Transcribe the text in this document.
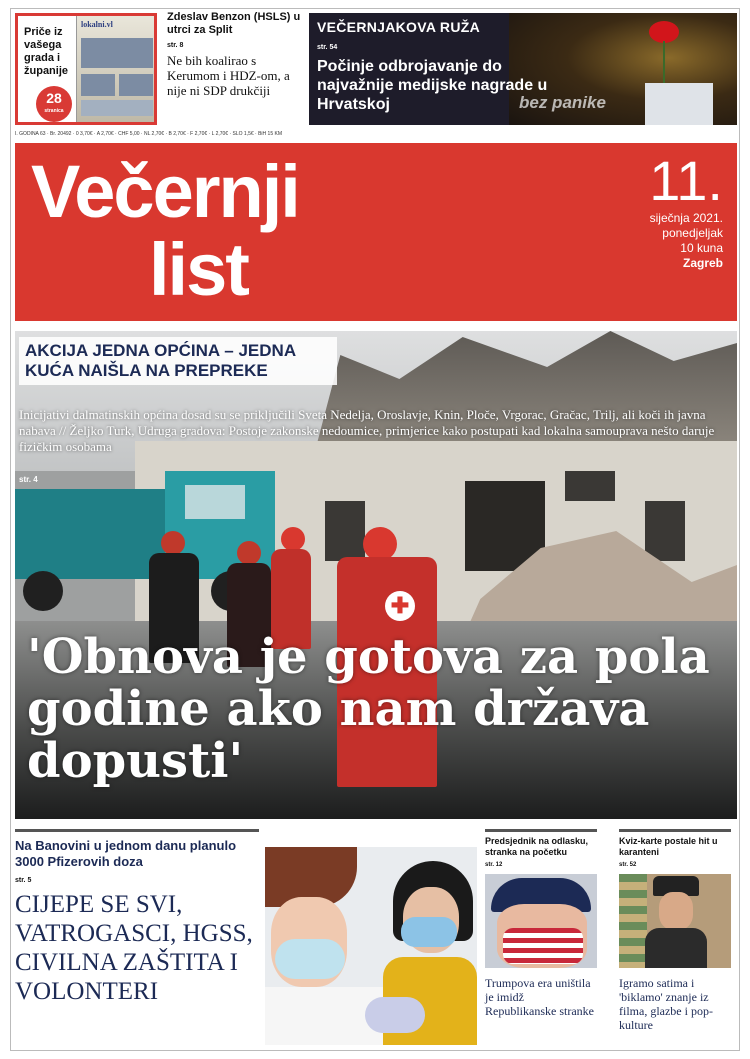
Priče iz vašega grada i županije
28
stranica
lokalni.vl
Zdeslav Benzon (HSLS) u utrci za Split
str. 8
Ne bih koalirao s Kerumom i HDZ-om, a nije ni SDP drukčiji
VEČERNJAKOVA RUŽA
str. 54
Počinje odbrojavanje do najvažnije medijske nagrade u Hrvatskoj	bez panike
I. GODINA 63 · Br. 20492 · 0 3,70€ · A 2,70€ · CHF 5,00 · NL 2,70€ · B 2,70€ · F 2,70€ · L 2,70€ · SLO 1,5€ · BiH 15 KM
Večernji
list
11.
siječnja 2021.
ponedjeljak
10 kuna
Zagreb
✚
AKCIJA JEDNA OPĆINA – JEDNA KUĆA NAIŠLA NA PREPREKE
Inicijativi dalmatinskih općina dosad su se priključili Sveta Nedelja, Oroslavje, Knin, Ploče, Vrgorac, Gračac, Trilj, ali koči ih javna nabava // Željko Turk, Udruga gradova: Postoje zakonske nedoumice, primjerice kako postupati kad lokalna samouprava nešto daruje fizičkim osobama
str. 4
'Obnova je gotova za pola godine ako nam država dopusti'
Na Banovini u jednom danu planulo 3000 Pfizerovih doza
str. 5
CIJEPE SE SVI, VATROGASCI, HGSS, CIVILNA ZAŠTITA I VOLONTERI
Predsjednik na odlasku, stranka na početku
str. 12
Trumpova era uništila je imidž Republikanske stranke
Kviz-karte postale hit u karanteni
str. 52
Igramo satima i 'biklamo' znanje iz filma, glazbe i pop-kulture
